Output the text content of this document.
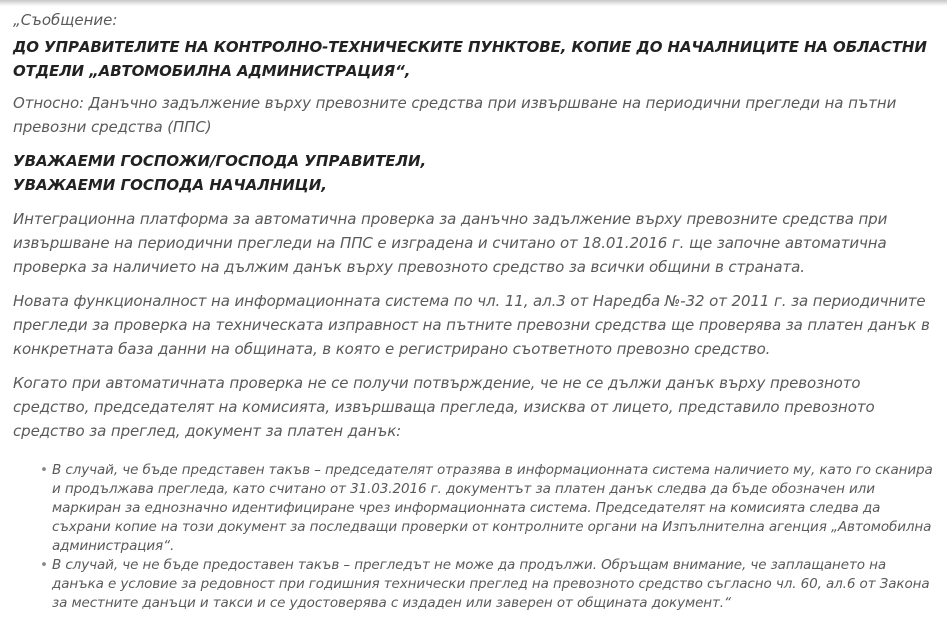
„Съобщение:
ДО УПРАВИТЕЛИТЕ НА КОНТРОЛНО-ТЕХНИЧЕСКИТЕ ПУНКТОВЕ, КОПИЕ ДО НАЧАЛНИЦИТЕ НА ОБЛАСТНИ
ОТДЕЛИ „АВТОМОБИЛНА АДМИНИСТРАЦИЯ“,
Относно: Данъчно задължение върху превозните средства при извършване на периодични прегледи на пътни превозни средства (ППС)
УВАЖАЕМИ ГОСПОЖИ/ГОСПОДА УПРАВИТЕЛИ,
УВАЖАЕМИ ГОСПОДА НАЧАЛНИЦИ,
Интеграционна платформа за автоматична проверка за данъчно задължение върху превозните средства при извършване на периодични прегледи на ППС е изградена и считано от 18.01.2016 г. ще започне автоматична проверка за наличието на дължим данък върху превозното средство за всички общини в страната.
Новата функционалност на информационната система по чл. 11, ал.3 от Наредба №-32 от 2011 г. за периодичните прегледи за проверка на техническата изправност на пътните превозни средства ще проверява за платен данък в конкретната база данни на общината, в която е регистрирано съответното превозно средство.
Когато при автоматичната проверка не се получи потвърждение, че не се дължи данък върху превозното средство, председателят на комисията, извършваща прегледа, изисква от лицето, представило превозното средство за преглед, документ за платен данък:
• В случай, че бъде представен такъв – председателят отразява в информационната система наличието му, като го сканира и продължава прегледа, като считано от 31.03.2016 г. документът за платен данък следва да бъде обозначен или маркиран за еднозначно идентифициране чрез информационната система. Председателят на комисията следва да съхрани копие на този документ за последващи проверки от контролните органи на Изпълнителна агенция „Автомобилна администрация“.
• В случай, че не бъде предоставен такъв – прегледът не може да продължи. Обръщам внимание, че заплащането на данъка е условие за редовност при годишния технически преглед на превозното средство съгласно чл. 60, ал.6 от Закона за местните данъци и такси и се удостоверява с издаден или заверен от общината документ.“
